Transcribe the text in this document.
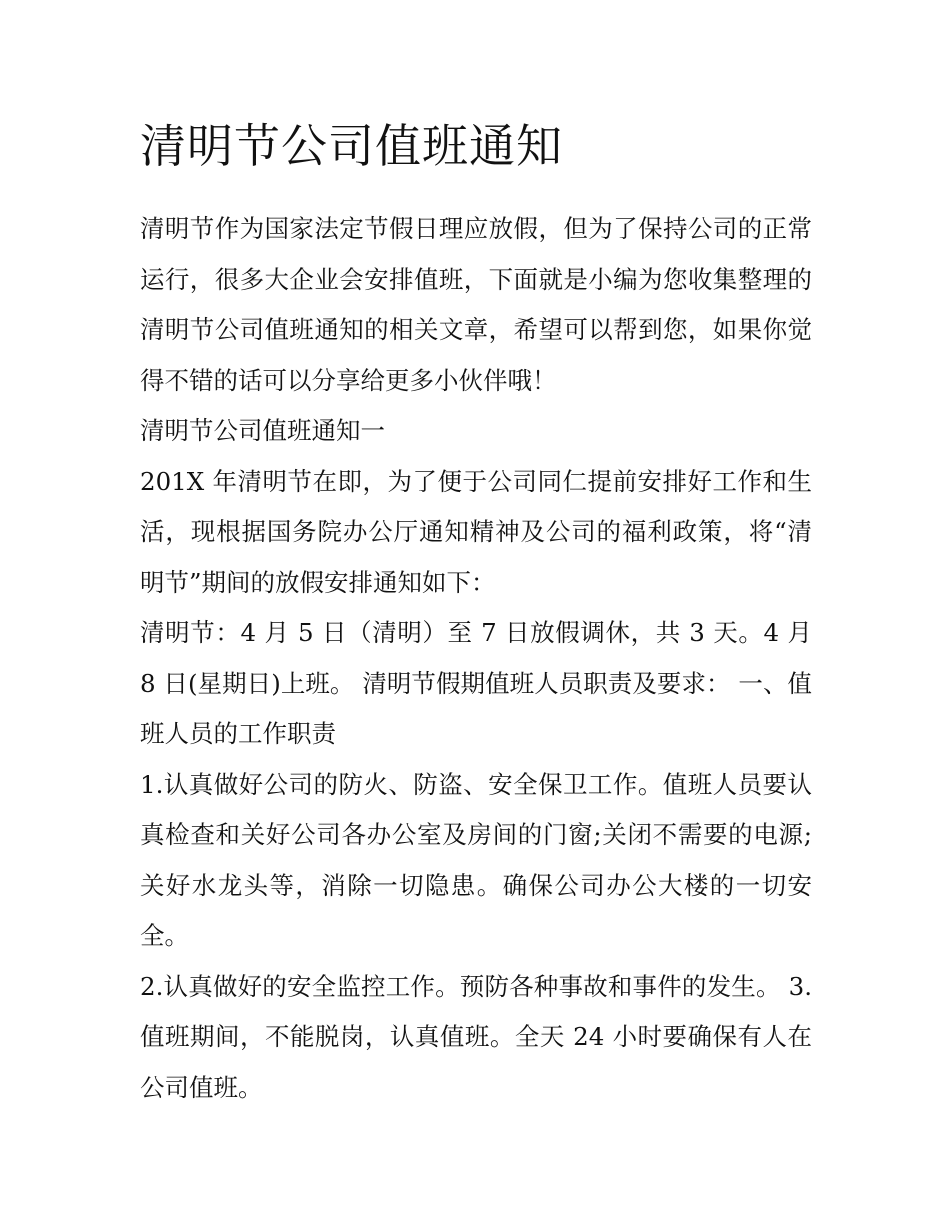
清明节公司值班通知

清明节作为国家法定节假日理应放假，但为了保持公司的正常运行，很多大企业会安排值班，下面就是小编为您收集整理的清明节公司值班通知的相关文章，希望可以帮到您，如果你觉得不错的话可以分享给更多小伙伴哦！

清明节公司值班通知一

201X 年清明节在即，为了便于公司同仁提前安排好工作和生活，现根据国务院办公厅通知精神及公司的福利政策，将“清明节”期间的放假安排通知如下：

清明节：4 月 5 日（清明）至 7 日放假调休，共 3 天。4 月 8 日(星期日)上班。 清明节假期值班人员职责及要求： 一、值班人员的工作职责

1.认真做好公司的防火、防盗、安全保卫工作。值班人员要认真检查和关好公司各办公室及房间的门窗;关闭不需要的电源;关好水龙头等，消除一切隐患。确保公司办公大楼的一切安全。

2.认真做好的安全监控工作。预防各种事故和事件的发生。 3.值班期间，不能脱岗，认真值班。全天 24 小时要确保有人在公司值班。
